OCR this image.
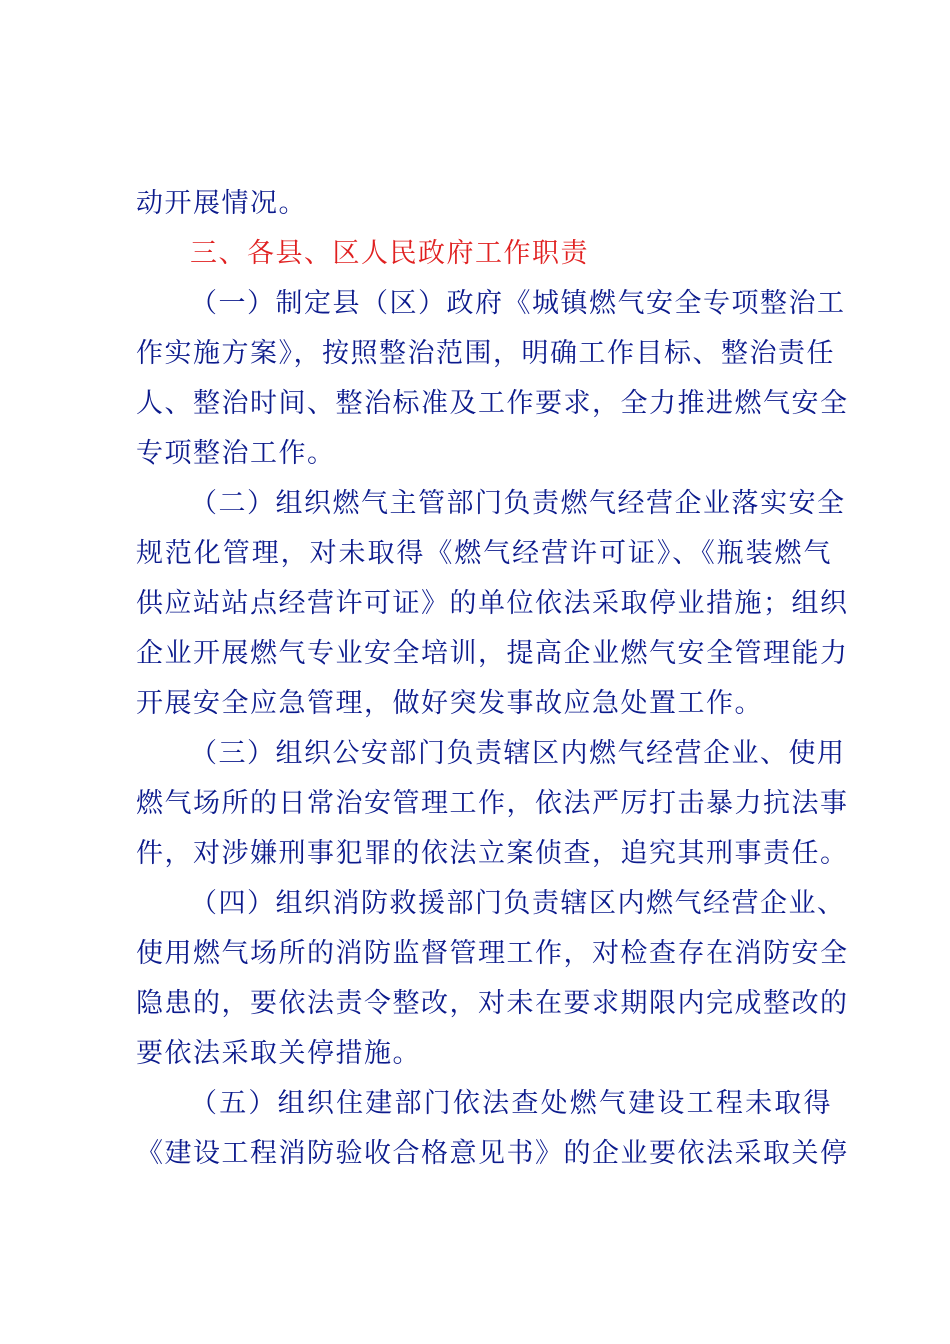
动开展情况。

三、各县、区人民政府工作职责

（一）制定县（区）政府《城镇燃气安全专项整治工
作实施方案》，按照整治范围，明确工作目标、整治责任
人、整治时间、整治标准及工作要求，全力推进燃气安全
专项整治工作。

（二）组织燃气主管部门负责燃气经营企业落实安全
规范化管理，对未取得《燃气经营许可证》、《瓶装燃气
供应站站点经营许可证》的单位依法采取停业措施；组织
企业开展燃气专业安全培训，提高企业燃气安全管理能力
开展安全应急管理，做好突发事故应急处置工作。

（三）组织公安部门负责辖区内燃气经营企业、使用
燃气场所的日常治安管理工作，依法严厉打击暴力抗法事
件，对涉嫌刑事犯罪的依法立案侦查，追究其刑事责任。

（四）组织消防救援部门负责辖区内燃气经营企业、
使用燃气场所的消防监督管理工作，对检查存在消防安全
隐患的，要依法责令整改，对未在要求期限内完成整改的
要依法采取关停措施。

（五）组织住建部门依法查处燃气建设工程未取得
《建设工程消防验收合格意见书》的企业要依法采取关停
